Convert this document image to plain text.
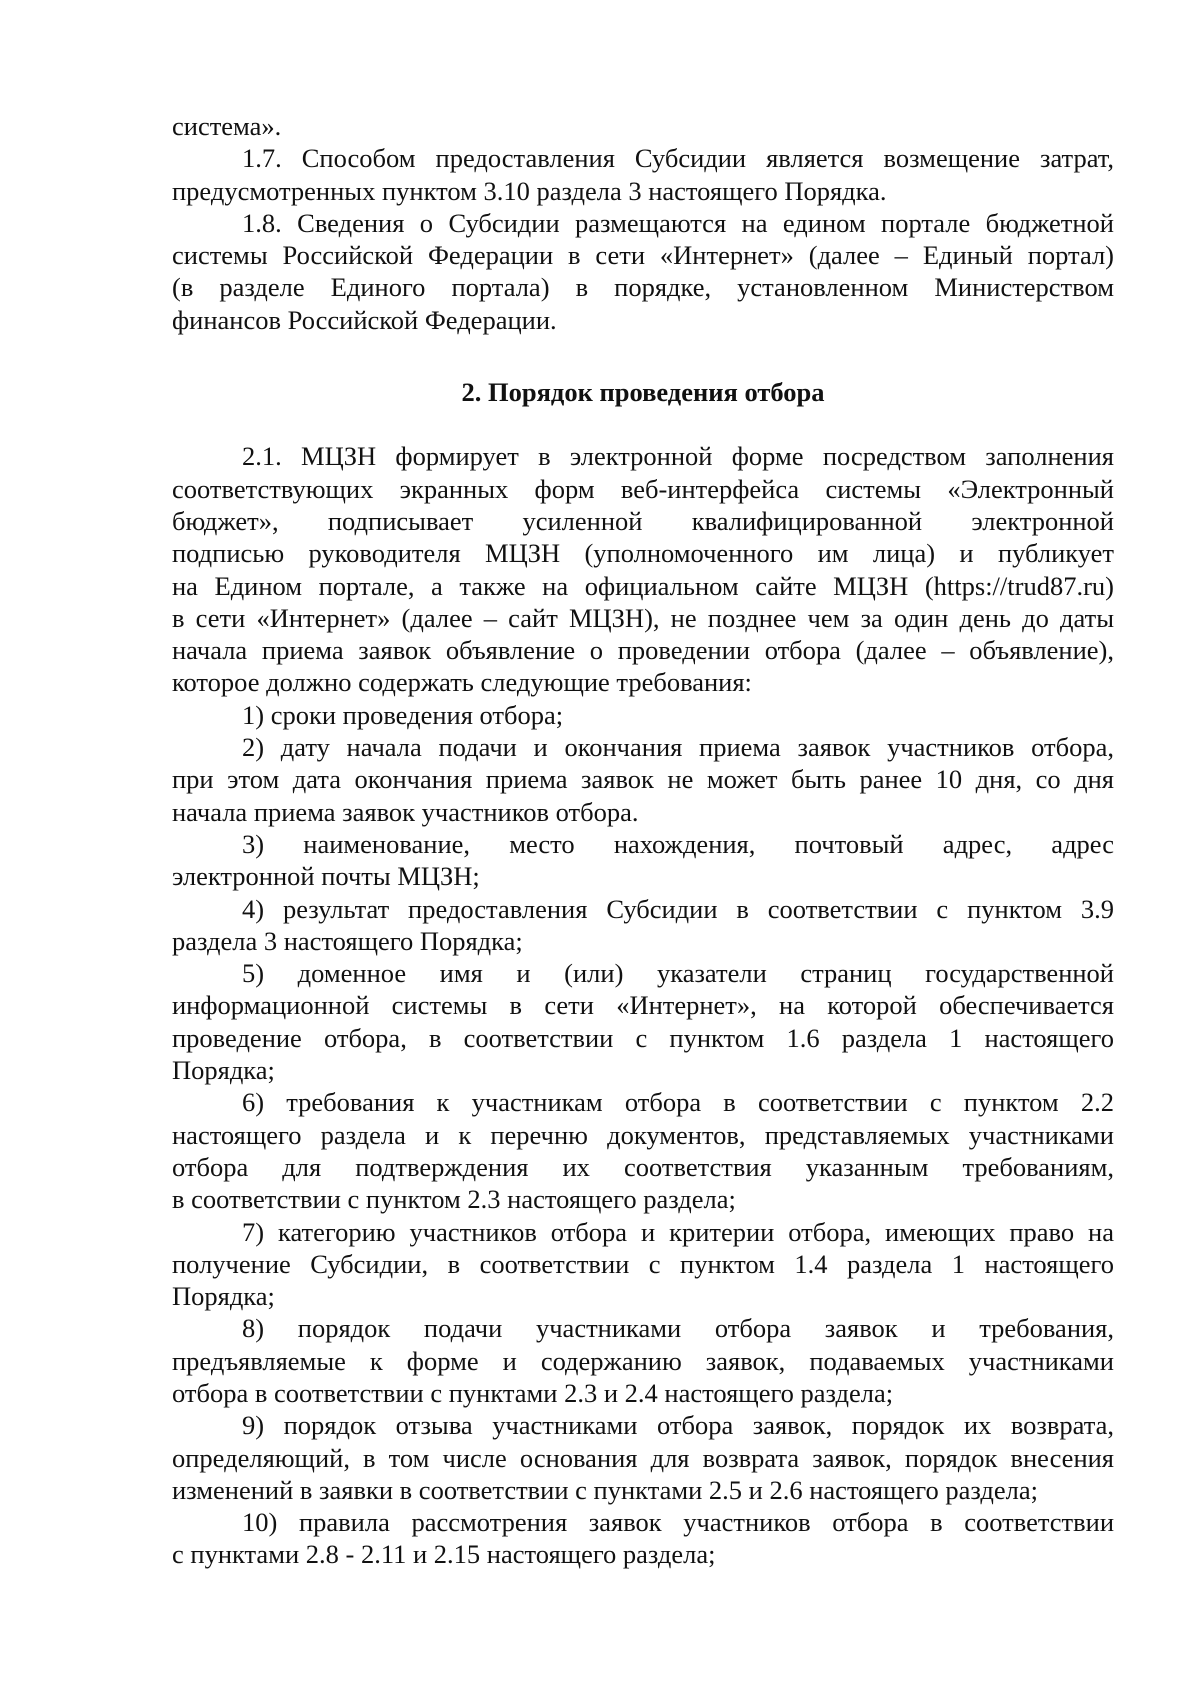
система».

1.7. Способом предоставления Субсидии является возмещение затрат,
предусмотренных пунктом 3.10 раздела 3 настоящего Порядка.

1.8. Сведения о Субсидии размещаются на едином портале бюджетной
системы Российской Федерации в сети «Интернет» (далее – Единый портал)
(в разделе Единого портала) в порядке, установленном Министерством
финансов Российской Федерации.

2. Порядок проведения отбора

2.1. МЦЗН формирует в электронной форме посредством заполнения
соответствующих экранных форм веб-интерфейса системы «Электронный
бюджет», подписывает усиленной квалифицированной электронной
подписью руководителя МЦЗН (уполномоченного им лица) и публикует
на Едином портале, а также на официальном сайте МЦЗН (https://trud87.ru)
в сети «Интернет» (далее – сайт МЦЗН), не позднее чем за один день до даты
начала приема заявок объявление о проведении отбора (далее – объявление),
которое должно содержать следующие требования:

1) сроки проведения отбора;

2) дату начала подачи и окончания приема заявок участников отбора,
при этом дата окончания приема заявок не может быть ранее 10 дня, со дня
начала приема заявок участников отбора.

3) наименование, место нахождения, почтовый адрес, адрес
электронной почты МЦЗН;

4) результат предоставления Субсидии в соответствии с пунктом 3.9
раздела 3 настоящего Порядка;

5) доменное имя и (или) указатели страниц государственной
информационной системы в сети «Интернет», на которой обеспечивается
проведение отбора, в соответствии с пунктом 1.6 раздела 1 настоящего
Порядка;

6) требования к участникам отбора в соответствии с пунктом 2.2
настоящего раздела и к перечню документов, представляемых участниками
отбора для подтверждения их соответствия указанным требованиям,
в соответствии с пунктом 2.3 настоящего раздела;

7) категорию участников отбора и критерии отбора, имеющих право на
получение Субсидии, в соответствии с пунктом 1.4 раздела 1 настоящего
Порядка;

8) порядок подачи участниками отбора заявок и требования,
предъявляемые к форме и содержанию заявок, подаваемых участниками
отбора в соответствии с пунктами 2.3 и 2.4 настоящего раздела;

9) порядок отзыва участниками отбора заявок, порядок их возврата,
определяющий, в том числе основания для возврата заявок, порядок внесения
изменений в заявки в соответствии с пунктами 2.5 и 2.6 настоящего раздела;

10) правила рассмотрения заявок участников отбора в соответствии
с пунктами 2.8 - 2.11 и 2.15 настоящего раздела;
